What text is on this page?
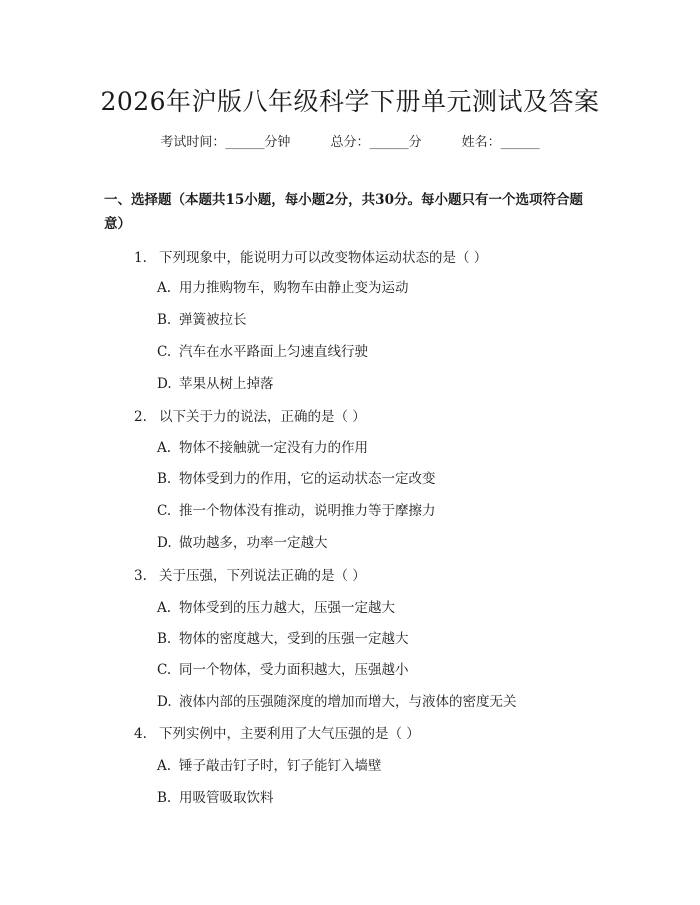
2026年沪版八年级科学下册单元测试及答案
考试时间：______分钟	总分：______分	姓名：______
一、选择题（本题共15小题，每小题2分，共30分。每小题只有一个选项符合题意）
1. 下列现象中，能说明力可以改变物体运动状态的是（ ）
A. 用力推购物车，购物车由静止变为运动
B. 弹簧被拉长
C. 汽车在水平路面上匀速直线行驶
D. 苹果从树上掉落
2. 以下关于力的说法，正确的是（ ）
A. 物体不接触就一定没有力的作用
B. 物体受到力的作用，它的运动状态一定改变
C. 推一个物体没有推动，说明推力等于摩擦力
D. 做功越多，功率一定越大
3. 关于压强，下列说法正确的是（ ）
A. 物体受到的压力越大，压强一定越大
B. 物体的密度越大，受到的压强一定越大
C. 同一个物体，受力面积越大，压强越小
D. 液体内部的压强随深度的增加而增大，与液体的密度无关
4. 下列实例中，主要利用了大气压强的是（ ）
A. 锤子敲击钉子时，钉子能钉入墙壁
B. 用吸管吸取饮料
